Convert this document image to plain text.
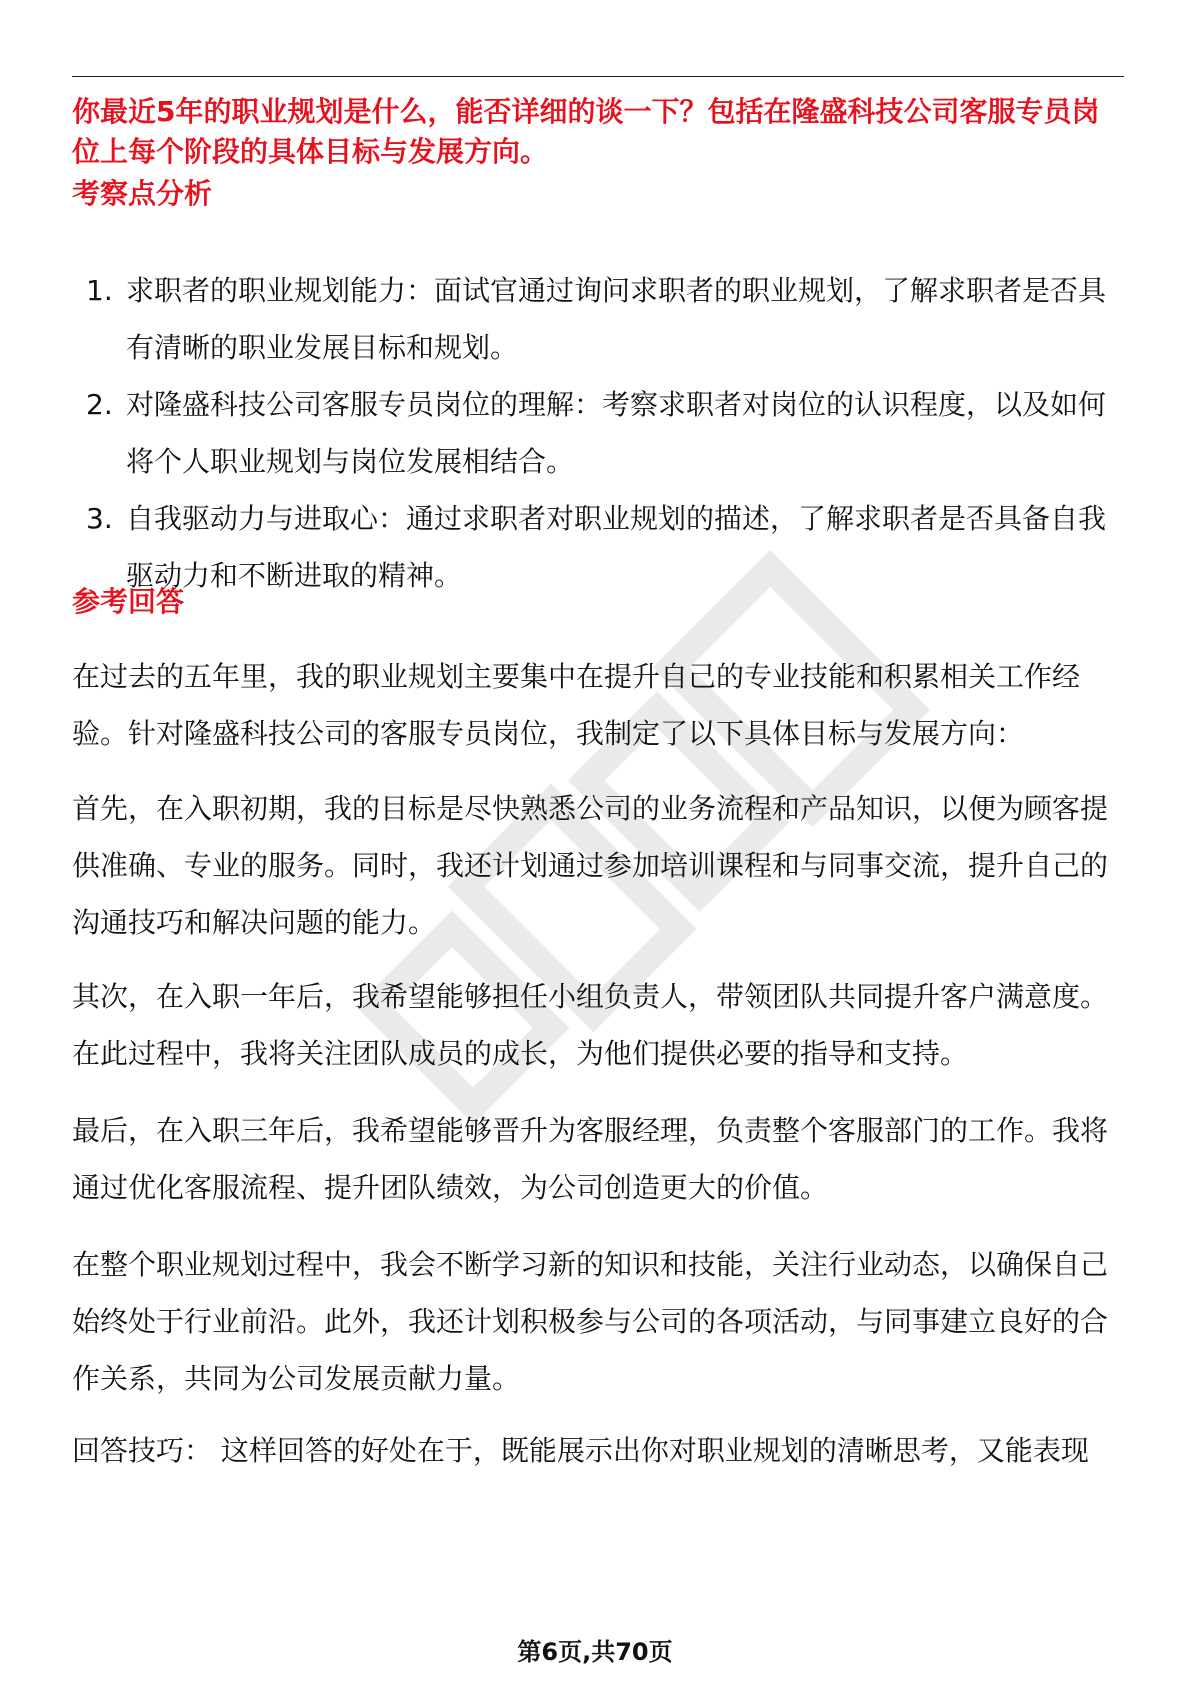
你最近5年的职业规划是什么，能否详细的谈一下？包括在隆盛科技公司客服专员岗位上每个阶段的具体目标与发展方向。

考察点分析
1. 求职者的职业规划能力：面试官通过询问求职者的职业规划，了解求职者是否具有清晰的职业发展目标和规划。
2. 对隆盛科技公司客服专员岗位的理解：考察求职者对岗位的认识程度，以及如何将个人职业规划与岗位发展相结合。
3. 自我驱动力与进取心：通过求职者对职业规划的描述，了解求职者是否具备自我驱动力和不断进取的精神。
参考回答

在过去的五年里，我的职业规划主要集中在提升自己的专业技能和积累相关工作经验。针对隆盛科技公司的客服专员岗位，我制定了以下具体目标与发展方向：

首先，在入职初期，我的目标是尽快熟悉公司的业务流程和产品知识，以便为顾客提供准确、专业的服务。同时，我还计划通过参加培训课程和与同事交流，提升自己的沟通技巧和解决问题的能力。

其次，在入职一年后，我希望能够担任小组负责人，带领团队共同提升客户满意度。在此过程中，我将关注团队成员的成长，为他们提供必要的指导和支持。

最后，在入职三年后，我希望能够晋升为客服经理，负责整个客服部门的工作。我将通过优化客服流程、提升团队绩效，为公司创造更大的价值。

在整个职业规划过程中，我会不断学习新的知识和技能，关注行业动态，以确保自己始终处于行业前沿。此外，我还计划积极参与公司的各项活动，与同事建立良好的合作关系，共同为公司发展贡献力量。

回答技巧： 这样回答的好处在于，既能展示出你对职业规划的清晰思考，又能表现

第6页,共70页
